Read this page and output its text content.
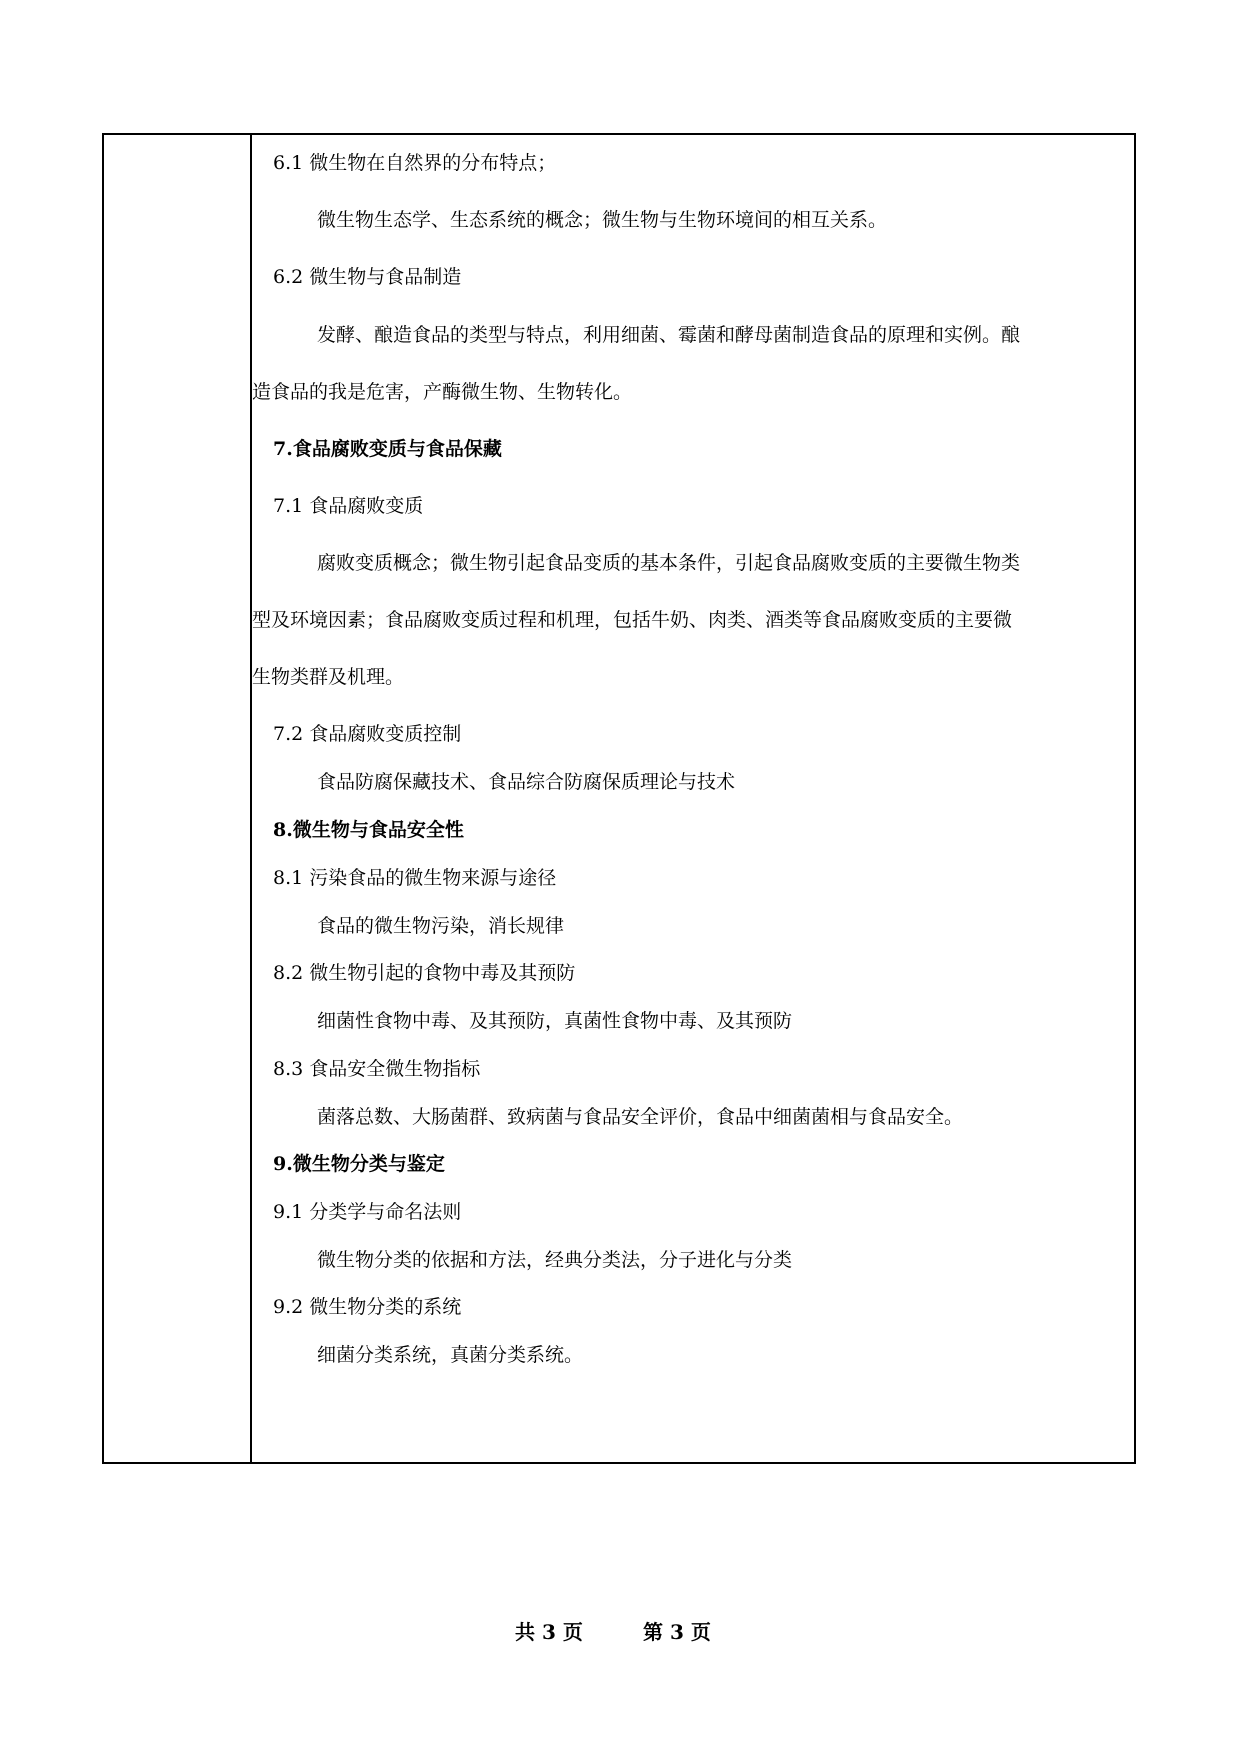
6.1 微生物在自然界的分布特点；
微生物生态学、生态系统的概念；微生物与生物环境间的相互关系。
6.2 微生物与食品制造
发酵、酿造食品的类型与特点，利用细菌、霉菌和酵母菌制造食品的原理和实例。酿
造食品的我是危害，产酶微生物、生物转化。
7.食品腐败变质与食品保藏
7.1 食品腐败变质
腐败变质概念；微生物引起食品变质的基本条件，引起食品腐败变质的主要微生物类
型及环境因素；食品腐败变质过程和机理，包括牛奶、肉类、酒类等食品腐败变质的主要微
生物类群及机理。
7.2 食品腐败变质控制
食品防腐保藏技术、食品综合防腐保质理论与技术
8.微生物与食品安全性
8.1 污染食品的微生物来源与途径
食品的微生物污染，消长规律
8.2 微生物引起的食物中毒及其预防
细菌性食物中毒、及其预防，真菌性食物中毒、及其预防
8.3 食品安全微生物指标
菌落总数、大肠菌群、致病菌与食品安全评价，食品中细菌菌相与食品安全。
9.微生物分类与鉴定
9.1 分类学与命名法则
微生物分类的依据和方法，经典分类法，分子进化与分类
9.2 微生物分类的系统
细菌分类系统，真菌分类系统。
共 3 页	第 3 页
